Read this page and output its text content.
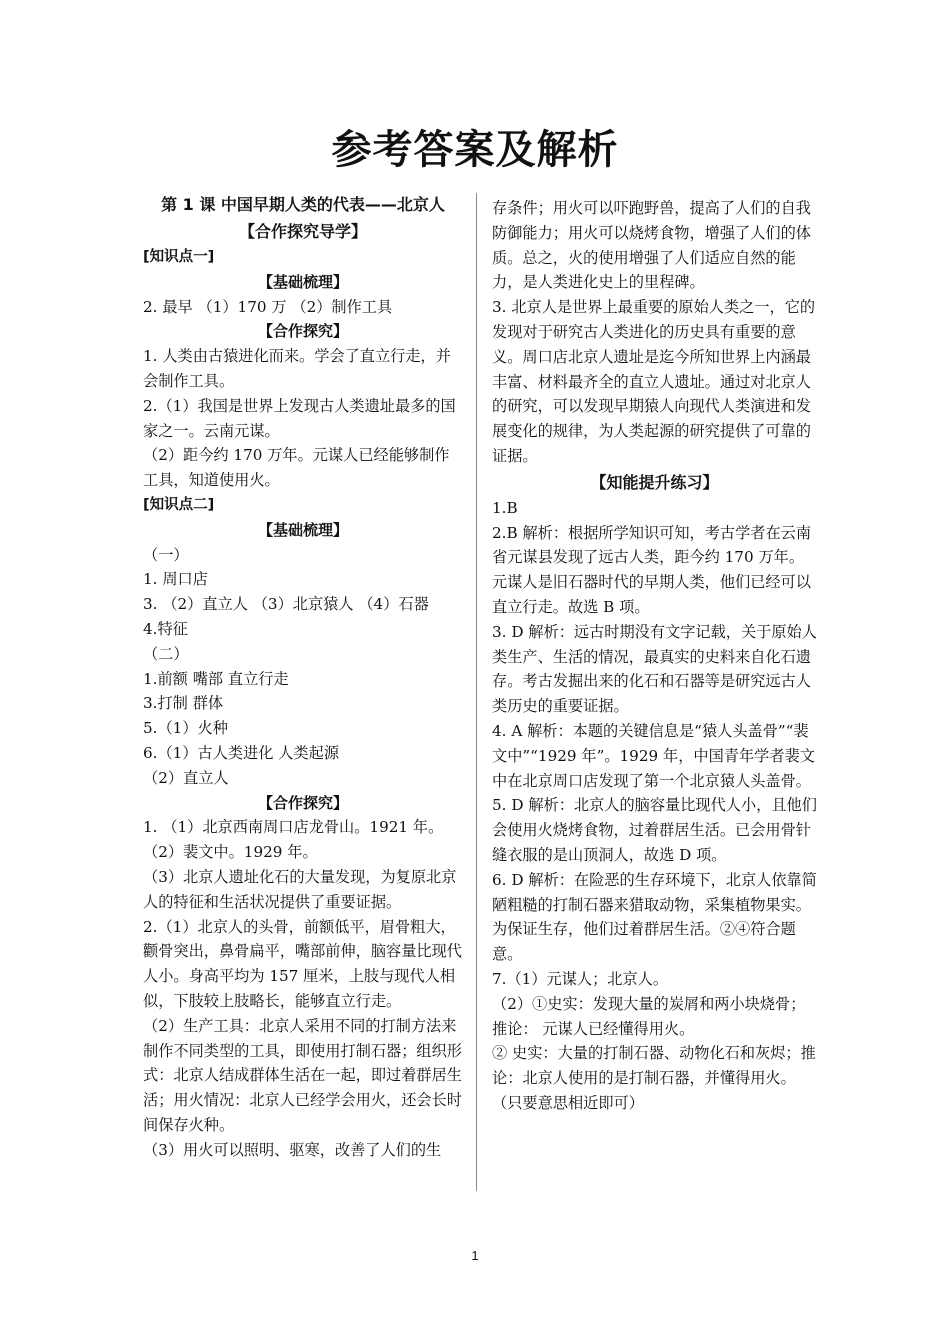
参考答案及解析

第 1 课 中国早期人类的代表——北京人

【合作探究导学】

[知识点一]

【基础梳理】

2. 最早 （1）170 万 （2）制作工具

【合作探究】

1. 人类由古猿进化而来。学会了直立行走，并会制作工具。

2.（1）我国是世界上发现古人类遗址最多的国家之一。云南元谋。

（2）距今约 170 万年。元谋人已经能够制作工具，知道使用火。

[知识点二]

【基础梳理】

（一）

1. 周口店

3. （2）直立人 （3）北京猿人 （4）石器

4.特征

（二）

1.前额 嘴部 直立行走

3.打制 群体

5.（1）火种

6.（1）古人类进化 人类起源

（2）直立人

【合作探究】

1. （1）北京西南周口店龙骨山。1921 年。

（2）裴文中。1929 年。

（3）北京人遗址化石的大量发现，为复原北京人的特征和生活状况提供了重要证据。

2.（1）北京人的头骨，前额低平，眉骨粗大，颧骨突出，鼻骨扁平，嘴部前伸，脑容量比现代人小。身高平均为 157 厘米，上肢与现代人相似，下肢较上肢略长，能够直立行走。

（2）生产工具：北京人采用不同的打制方法来制作不同类型的工具，即使用打制石器；组织形式：北京人结成群体生活在一起，即过着群居生活；用火情况：北京人已经学会用火，还会长时间保存火种。

（3）用火可以照明、驱寒，改善了人们的生

存条件；用火可以吓跑野兽，提高了人们的自我防御能力；用火可以烧烤食物，增强了人们的体质。总之，火的使用增强了人们适应自然的能力，是人类进化史上的里程碑。

3. 北京人是世界上最重要的原始人类之一，它的发现对于研究古人类进化的历史具有重要的意义。周口店北京人遗址是迄今所知世界上内涵最丰富、材料最齐全的直立人遗址。通过对北京人的研究，可以发现早期猿人向现代人类演进和发展变化的规律，为人类起源的研究提供了可靠的证据。

【知能提升练习】

1.B

2.B 解析：根据所学知识可知，考古学者在云南省元谋县发现了远古人类，距今约 170 万年。元谋人是旧石器时代的早期人类，他们已经可以直立行走。故选 B 项。

3. D 解析：远古时期没有文字记载，关于原始人类生产、生活的情况，最真实的史料来自化石遗存。考古发掘出来的化石和石器等是研究远古人类历史的重要证据。

4. A 解析：本题的关键信息是“猿人头盖骨”“裴文中”“1929 年”。1929 年，中国青年学者裴文中在北京周口店发现了第一个北京猿人头盖骨。

5. D 解析：北京人的脑容量比现代人小，且他们会使用火烧烤食物，过着群居生活。已会用骨针缝衣服的是山顶洞人，故选 D 项。

6. D 解析：在险恶的生存环境下，北京人依靠简陋粗糙的打制石器来猎取动物，采集植物果实。为保证生存，他们过着群居生活。②④符合题意。

7.（1）元谋人；北京人。

（2）①史实：发现大量的炭屑和两小块烧骨；推论： 元谋人已经懂得用火。

② 史实：大量的打制石器、动物化石和灰烬；推论：北京人使用的是打制石器，并懂得用火。（只要意思相近即可）

1
